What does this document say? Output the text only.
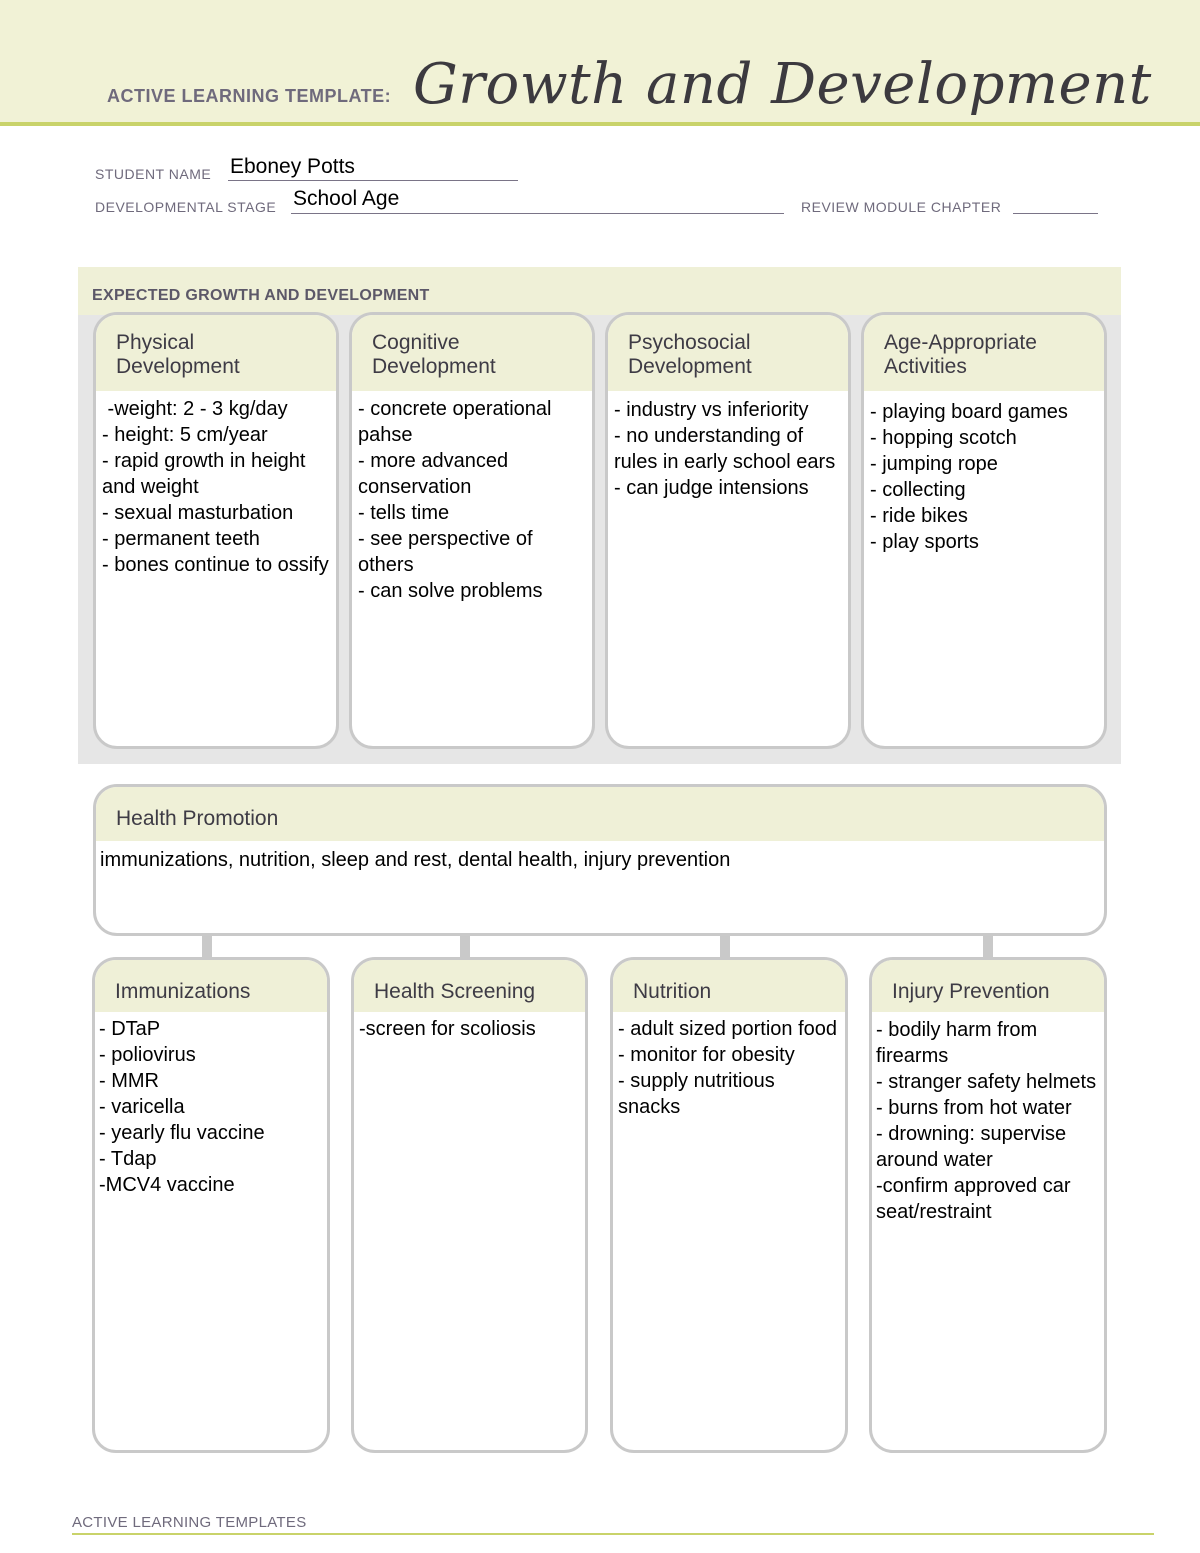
ACTIVE LEARNING TEMPLATE: Growth and Development
STUDENT NAME Eboney Potts
DEVELOPMENTAL STAGE School Age	REVIEW MODULE CHAPTER
EXPECTED GROWTH AND DEVELOPMENT
Physical
Development
-weight: 2 - 3 kg/day
- height: 5 cm/year
- rapid growth in height and weight
- sexual masturbation
- permanent teeth
- bones continue to ossify
Cognitive
Development
- concrete operational pahse
- more advanced conservation
- tells time
- see perspective of others
- can solve problems
Psychosocial
Development
- industry vs inferiority
- no understanding of rules in early school ears
- can judge intensions
Age-Appropriate
Activities
- playing board games
- hopping scotch
- jumping rope
- collecting
- ride bikes
- play sports
Health Promotion
immunizations, nutrition, sleep and rest, dental health, injury prevention
Immunizations
- DTaP
- poliovirus
- MMR
- varicella
- yearly flu vaccine
- Tdap
-MCV4 vaccine
Health Screening
-screen for scoliosis
Nutrition
- adult sized portion food
- monitor for obesity
- supply nutritious snacks
Injury Prevention
- bodily harm from firearms
- stranger safety helmets
- burns from hot water
- drowning: supervise around water
-confirm approved car seat/restraint
ACTIVE LEARNING TEMPLATES
